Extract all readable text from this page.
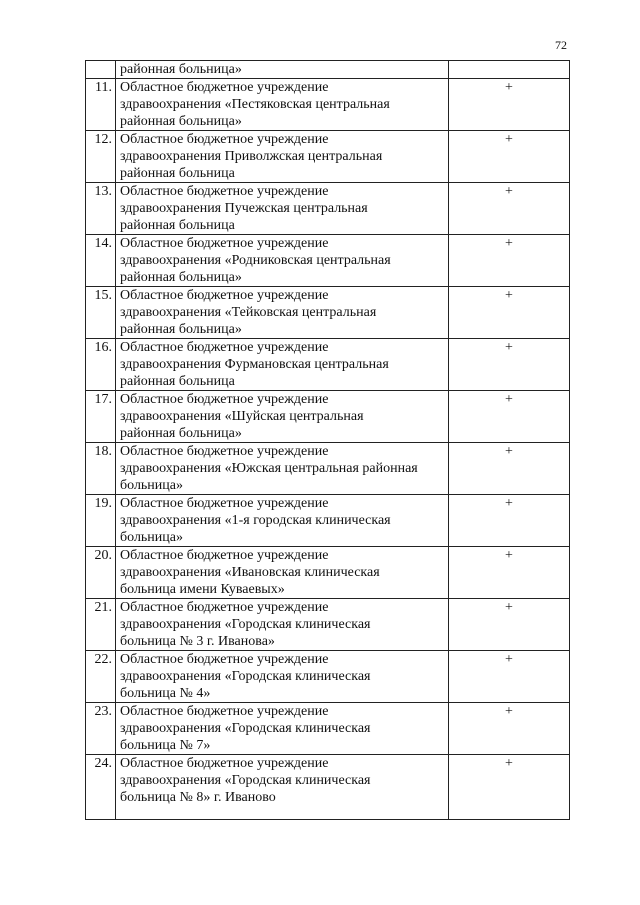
72

	районная больница»	

11.	Областное бюджетное учреждение
здравоохранения «Пестяковская центральная
районная больница»	+
12.	Областное бюджетное учреждение
здравоохранения Приволжская центральная
районная больница	+
13.	Областное бюджетное учреждение
здравоохранения Пучежская центральная
районная больница	+
14.	Областное бюджетное учреждение
здравоохранения «Родниковская центральная
районная больница»	+
15.	Областное бюджетное учреждение
здравоохранения «Тейковская центральная
районная больница»	+
16.	Областное бюджетное учреждение
здравоохранения Фурмановская центральная
районная больница	+
17.	Областное бюджетное учреждение
здравоохранения «Шуйская центральная
районная больница»	+
18.	Областное бюджетное учреждение
здравоохранения «Южская центральная районная
больница»	+
19.	Областное бюджетное учреждение
здравоохранения «1-я городская клиническая
больница»	+
20.	Областное бюджетное учреждение
здравоохранения «Ивановская клиническая
больница имени Куваевых»	+
21.	Областное бюджетное учреждение
здравоохранения «Городская клиническая
больница № 3 г. Иванова»	+
22.	Областное бюджетное учреждение
здравоохранения «Городская клиническая
больница № 4»	+
23.	Областное бюджетное учреждение
здравоохранения «Городская клиническая
больница № 7»	+
24.	Областное бюджетное учреждение
здравоохранения «Городская клиническая
больница № 8» г. Иваново	+
